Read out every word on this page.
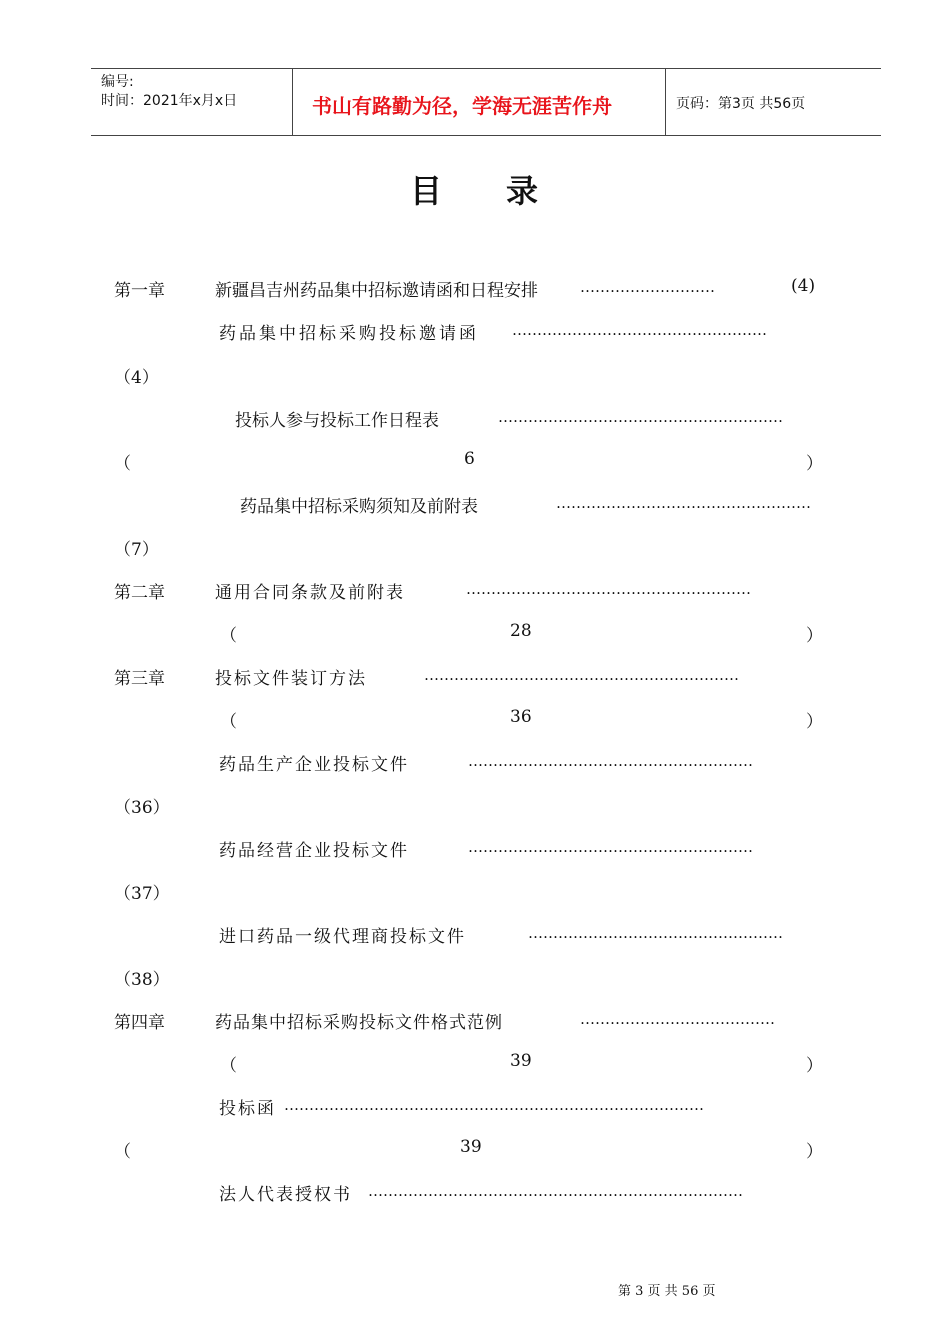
编号:
时间：2021年x月x日	书山有路勤为径，学海无涯苦作舟	页码：第3页 共56页
目　　录
第一章	新疆昌吉州药品集中招标邀请函和日程安排	………………………	(4)
药品集中招标采购投标邀请函 ……………………………………………
（4）
投标人参与投标工作日程表	…………………………………………………
（	6	）
药品集中招标采购须知及前附表	……………………………………………
（7）
第二章	通用合同条款及前附表	…………………………………………………
（	28	）
第三章	投标文件装订方法	………………………………………………………
（	36	）
药品生产企业投标文件	…………………………………………………
（36）
药品经营企业投标文件	…………………………………………………
（37）
进口药品一级代理商投标文件	……………………………………………
（38）
第四章	药品集中招标采购投标文件格式范例	…………………………………
（	39	）
投标函 …………………………………………………………………………
（	39	）
法人代表授权书 …………………………………………………………………
第 3 页 共 56 页
